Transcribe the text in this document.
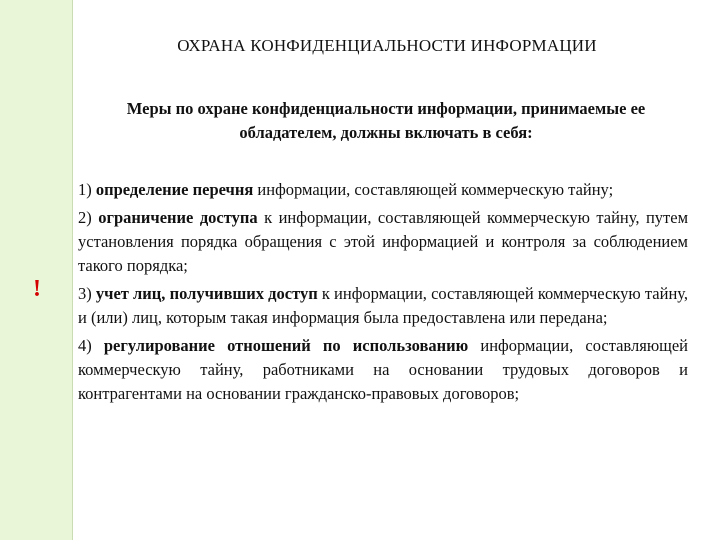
!
ОХРАНА КОНФИДЕНЦИАЛЬНОСТИ ИНФОРМАЦИИ
Меры по охране конфиденциальности информации, принимаемые ее обладателем, должны включать в себя:

1) определение перечня информации, составляющей коммерческую тайну;

2) ограничение доступа к информации, составляющей коммерческую тайну, путем установления порядка обращения с этой информацией и контроля за соблюдением такого порядка;

3) учет лиц, получивших доступ к информации, составляющей коммерческую тайну, и (или) лиц, которым такая информация была предоставлена или передана;

4) регулирование отношений по использованию информации, составляющей коммерческую тайну, работниками на основании трудовых договоров и контрагентами на основании гражданско-правовых договоров;
